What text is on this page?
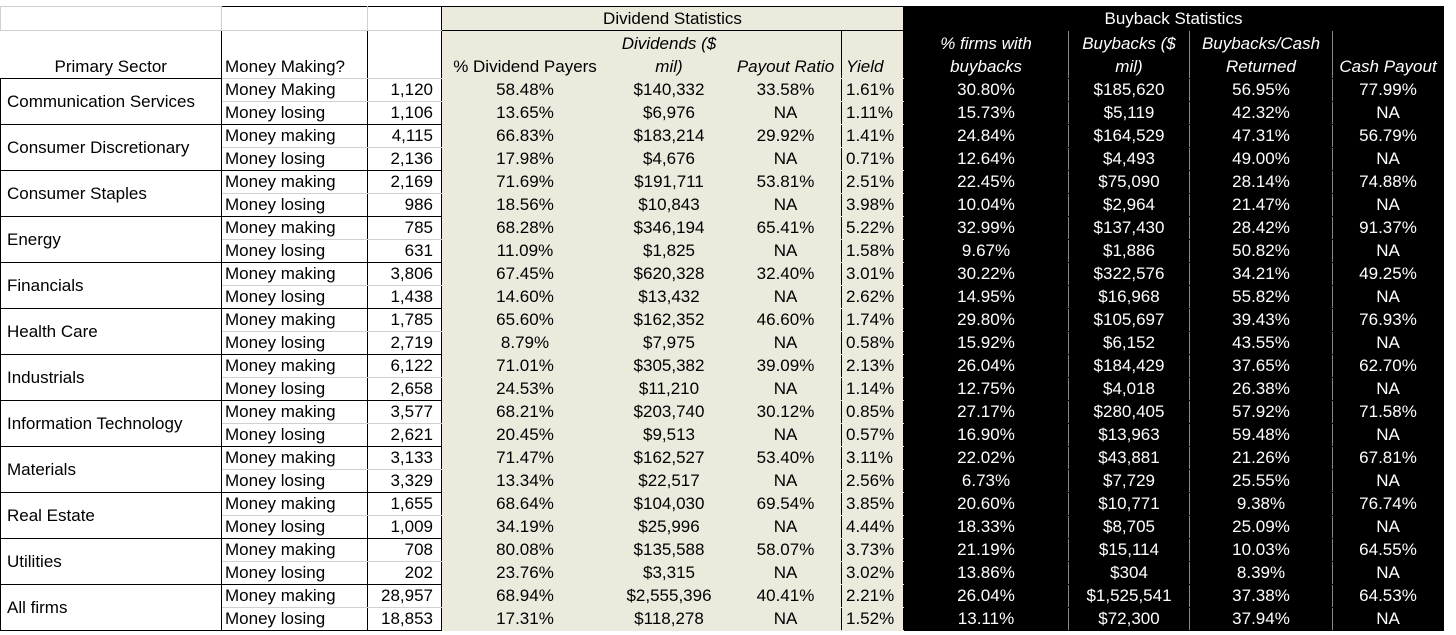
			Dividend Statistics				Buyback Statistics			
Primary Sector	Money Making?		% Dividend Payers	Dividends ($ mil)	Payout Ratio	Yield	% firms with buybacks	Buybacks ($ mil)	Buybacks/Cash Returned	Cash Payout
Communication Services	Money Making	1,120	58.48%	$140,332	33.58%	1.61%	30.80%	$185,620	56.95%	77.99%
	Money losing	1,106	13.65%	$6,976	NA	1.11%	15.73%	$5,119	42.32%	NA
Consumer Discretionary	Money making	4,115	66.83%	$183,214	29.92%	1.41%	24.84%	$164,529	47.31%	56.79%
	Money losing	2,136	17.98%	$4,676	NA	0.71%	12.64%	$4,493	49.00%	NA
Consumer Staples	Money making	2,169	71.69%	$191,711	53.81%	2.51%	22.45%	$75,090	28.14%	74.88%
	Money losing	986	18.56%	$10,843	NA	3.98%	10.04%	$2,964	21.47%	NA
Energy	Money making	785	68.28%	$346,194	65.41%	5.22%	32.99%	$137,430	28.42%	91.37%
	Money losing	631	11.09%	$1,825	NA	1.58%	9.67%	$1,886	50.82%	NA
Financials	Money making	3,806	67.45%	$620,328	32.40%	3.01%	30.22%	$322,576	34.21%	49.25%
	Money losing	1,438	14.60%	$13,432	NA	2.62%	14.95%	$16,968	55.82%	NA
Health Care	Money making	1,785	65.60%	$162,352	46.60%	1.74%	29.80%	$105,697	39.43%	76.93%
	Money losing	2,719	8.79%	$7,975	NA	0.58%	15.92%	$6,152	43.55%	NA
Industrials	Money making	6,122	71.01%	$305,382	39.09%	2.13%	26.04%	$184,429	37.65%	62.70%
	Money losing	2,658	24.53%	$11,210	NA	1.14%	12.75%	$4,018	26.38%	NA
Information Technology	Money making	3,577	68.21%	$203,740	30.12%	0.85%	27.17%	$280,405	57.92%	71.58%
	Money losing	2,621	20.45%	$9,513	NA	0.57%	16.90%	$13,963	59.48%	NA
Materials	Money making	3,133	71.47%	$162,527	53.40%	3.11%	22.02%	$43,881	21.26%	67.81%
	Money losing	3,329	13.34%	$22,517	NA	2.56%	6.73%	$7,729	25.55%	NA
Real Estate	Money making	1,655	68.64%	$104,030	69.54%	3.85%	20.60%	$10,771	9.38%	76.74%
	Money losing	1,009	34.19%	$25,996	NA	4.44%	18.33%	$8,705	25.09%	NA
Utilities	Money making	708	80.08%	$135,588	58.07%	3.73%	21.19%	$15,114	10.03%	64.55%
	Money losing	202	23.76%	$3,315	NA	3.02%	13.86%	$304	8.39%	NA
All firms	Money making	28,957	68.94%	$2,555,396	40.41%	2.21%	26.04%	$1,525,541	37.38%	64.53%
	Money losing	18,853	17.31%	$118,278	NA	1.52%	13.11%	$72,300	37.94%	NA
